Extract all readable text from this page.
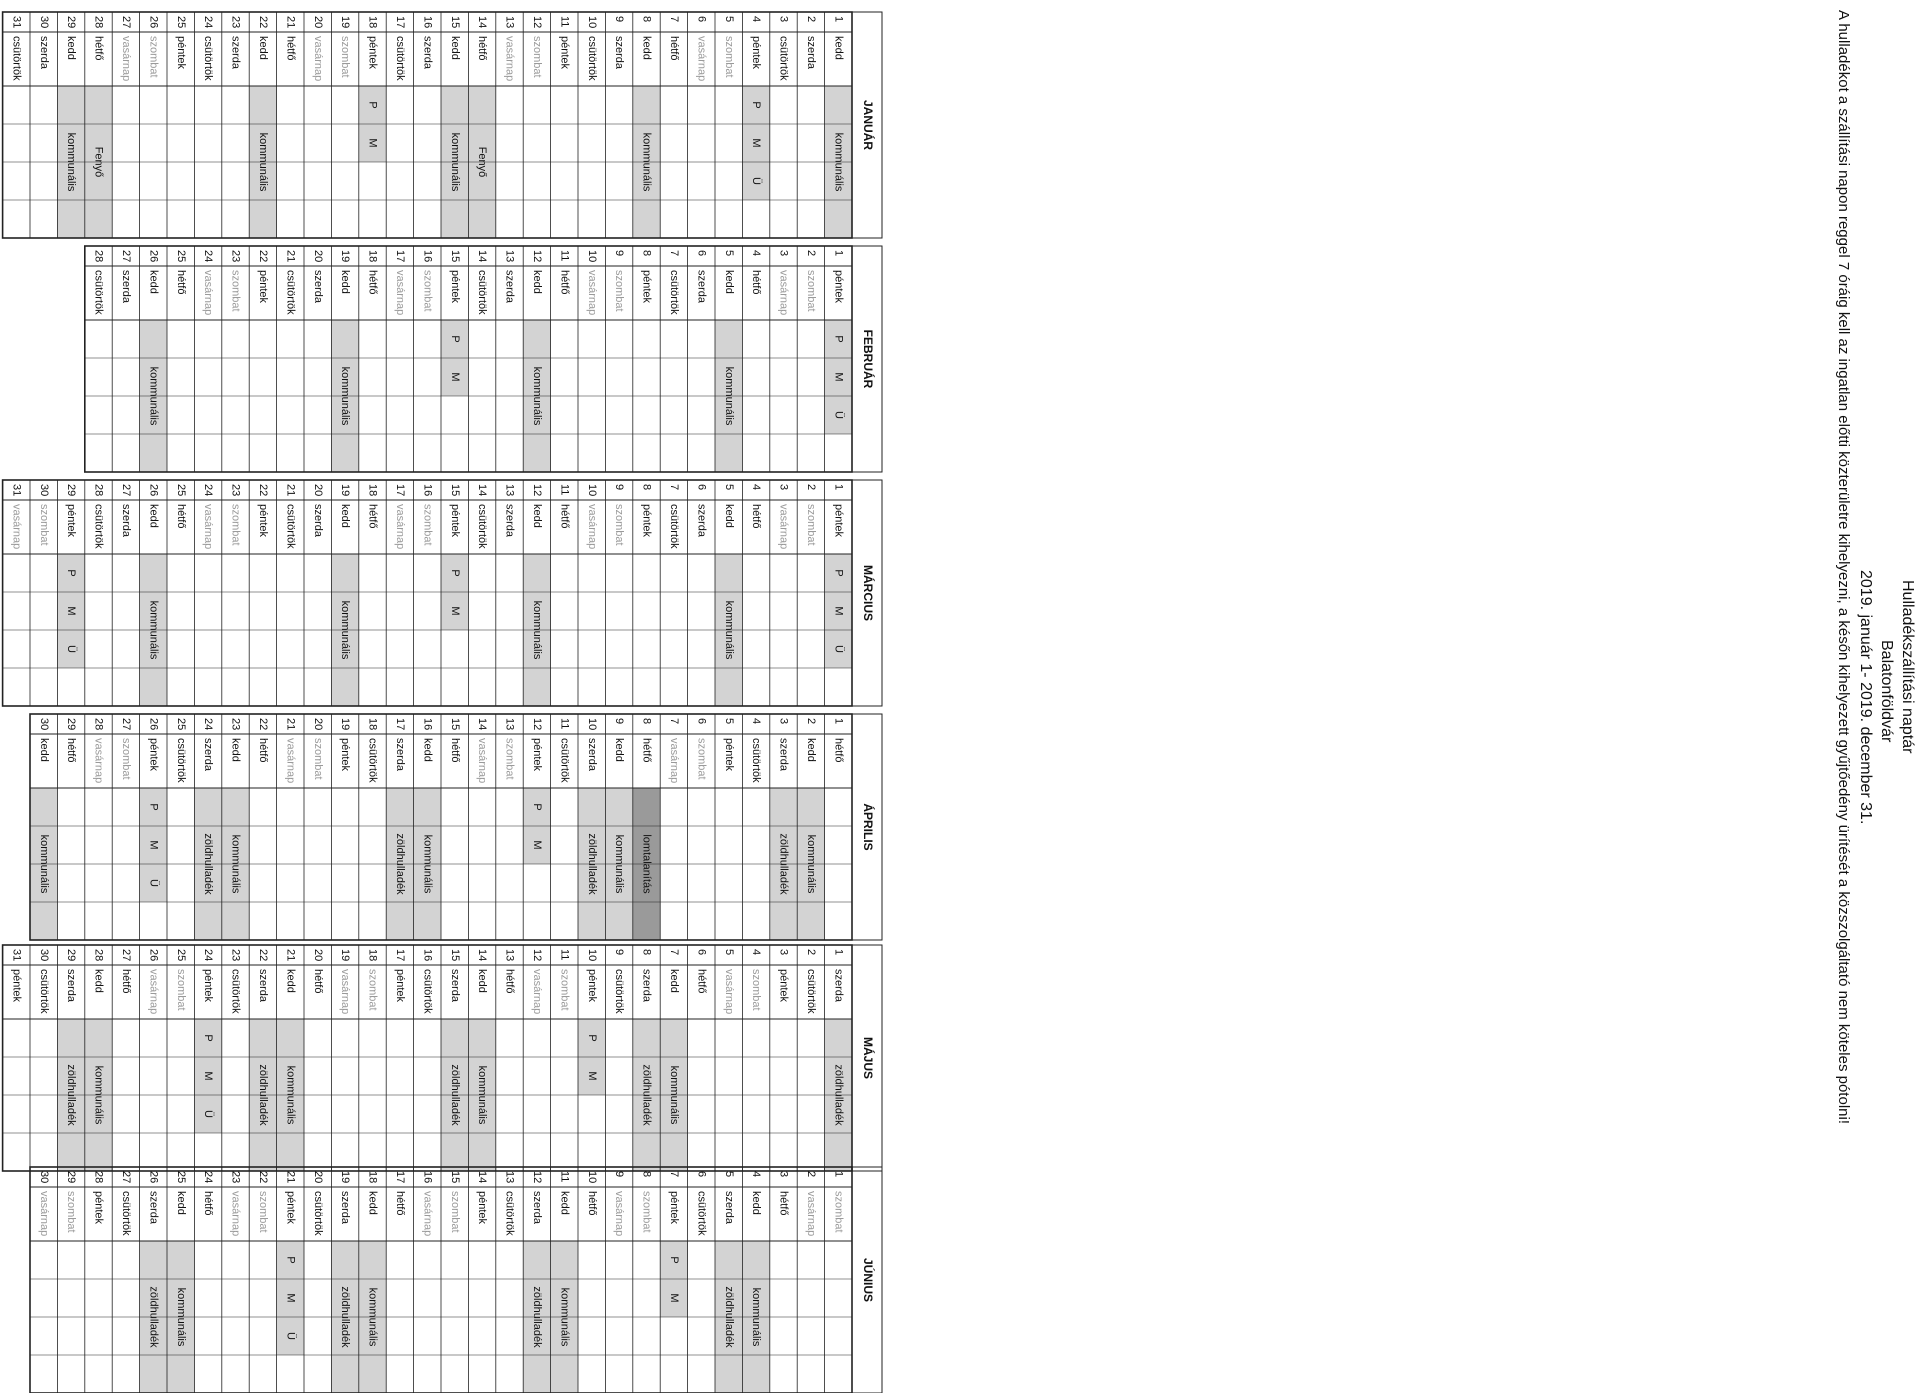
Hulladékszállítási naptár
Balatonföldvár
2019. január 1- 2019. december 31.
A hulladékot a szállítási napon reggel 7 óráig kell az ingatlan előtti közterületre kihelyezni, a későn kihelyezett gyűjtőedény ürítését a közszolgáltató nem köteles pótolni!
kommunális
P
M
Ü
kommunális
Fenyő
kommunális
P
M
kommunális
Fenyő
kommunális
JANUÁR
1
kedd
2
szerda
3
csütörtök
4
péntek
5
szombat
6
vasárnap
7
hétfő
8
kedd
9
szerda
10
csütörtök
11
péntek
12
szombat
13
vasárnap
14
hétfő
15
kedd
16
szerda
17
csütörtök
18
péntek
19
szombat
20
vasárnap
21
hétfő
22
kedd
23
szerda
24
csütörtök
25
péntek
26
szombat
27
vasárnap
28
hétfő
29
kedd
30
szerda
31
csütörtök
P
M
Ü
kommunális
kommunális
P
M
kommunális
kommunális
FEBRUÁR
1
péntek
2
szombat
3
vasárnap
4
hétfő
5
kedd
6
szerda
7
csütörtök
8
péntek
9
szombat
10
vasárnap
11
hétfő
12
kedd
13
szerda
14
csütörtök
15
péntek
16
szombat
17
vasárnap
18
hétfő
19
kedd
20
szerda
21
csütörtök
22
péntek
23
szombat
24
vasárnap
25
hétfő
26
kedd
27
szerda
28
csütörtök
P
M
Ü
kommunális
kommunális
P
M
kommunális
kommunális
P
M
Ü
MÁRCIUS
1
péntek
2
szombat
3
vasárnap
4
hétfő
5
kedd
6
szerda
7
csütörtök
8
péntek
9
szombat
10
vasárnap
11
hétfő
12
kedd
13
szerda
14
csütörtök
15
péntek
16
szombat
17
vasárnap
18
hétfő
19
kedd
20
szerda
21
csütörtök
22
péntek
23
szombat
24
vasárnap
25
hétfő
26
kedd
27
szerda
28
csütörtök
29
péntek
30
szombat
31
vasárnap
kommunális
zöldhulladék
lomtalanítás
kommunális
zöldhulladék
P
M
kommunális
zöldhulladék
kommunális
zöldhulladék
P
M
Ü
kommunális
ÁPRILIS
1
hétfő
2
kedd
3
szerda
4
csütörtök
5
péntek
6
szombat
7
vasárnap
8
hétfő
9
kedd
10
szerda
11
csütörtök
12
péntek
13
szombat
14
vasárnap
15
hétfő
16
kedd
17
szerda
18
csütörtök
19
péntek
20
szombat
21
vasárnap
22
hétfő
23
kedd
24
szerda
25
csütörtök
26
péntek
27
szombat
28
vasárnap
29
hétfő
30
kedd
zöldhulladék
kommunális
zöldhulladék
P
M
kommunális
zöldhulladék
kommunális
zöldhulladék
P
M
Ü
kommunális
zöldhulladék
MÁJUS
1
szerda
2
csütörtök
3
péntek
4
szombat
5
vasárnap
6
hétfő
7
kedd
8
szerda
9
csütörtök
10
péntek
11
szombat
12
vasárnap
13
hétfő
14
kedd
15
szerda
16
csütörtök
17
péntek
18
szombat
19
vasárnap
20
hétfő
21
kedd
22
szerda
23
csütörtök
24
péntek
25
szombat
26
vasárnap
27
hétfő
28
kedd
29
szerda
30
csütörtök
31
péntek
kommunális
zöldhulladék
P
M
kommunális
zöldhulladék
kommunális
zöldhulladék
P
M
Ü
kommunális
zöldhulladék
JÚNIUS
1
szombat
2
vasárnap
3
hétfő
4
kedd
5
szerda
6
csütörtök
7
péntek
8
szombat
9
vasárnap
10
hétfő
11
kedd
12
szerda
13
csütörtök
14
péntek
15
szombat
16
vasárnap
17
hétfő
18
kedd
19
szerda
20
csütörtök
21
péntek
22
szombat
23
vasárnap
24
hétfő
25
kedd
26
szerda
27
csütörtök
28
péntek
29
szombat
30
vasárnap
